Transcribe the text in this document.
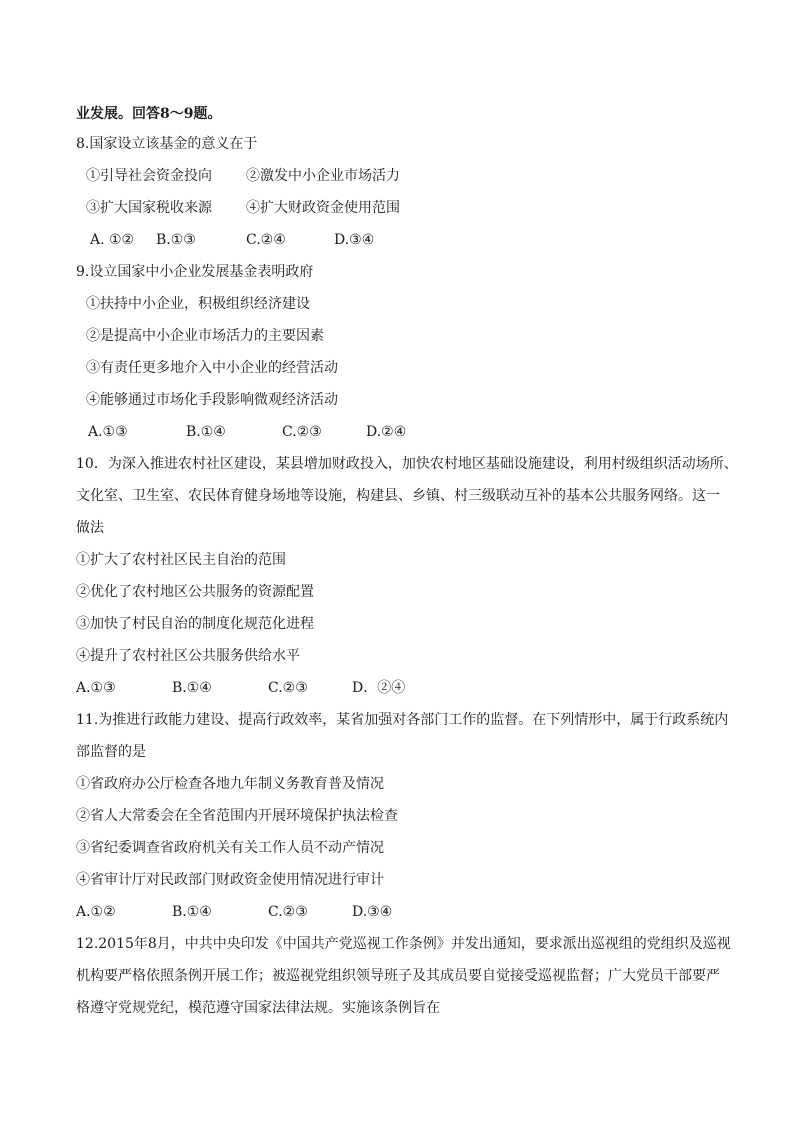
业发展。回答8～9题。
8.国家设立该基金的意义在于
①引导社会资金投向 ②激发中小企业市场活力
③扩大国家税收来源 ④扩大财政资金使用范围
A. ①② B.①③	C.②④	D.③④
9.设立国家中小企业发展基金表明政府
①扶持中小企业，积极组织经济建设
②是提高中小企业市场活力的主要因素
③有责任更多地介入中小企业的经营活动
④能够通过市场化手段影响微观经济活动
A.①③	B.①④	C.②③	D.②④
10．为深入推进农村社区建设，某县增加财政投入，加快农村地区基础设施建设，利用村级组织活动场所、
文化室、卫生室、农民体育健身场地等设施，构建县、乡镇、村三级联动互补的基本公共服务网络。这一
做法
①扩大了农村社区民主自治的范围
②优化了农村地区公共服务的资源配置
③加快了村民自治的制度化规范化进程
④提升了农村社区公共服务供给水平
A.①③	B.①④	C.②③	D．②④
11.为推进行政能力建设、提高行政效率，某省加强对各部门工作的监督。在下列情形中，属于行政系统内
部监督的是
①省政府办公厅检查各地九年制义务教育普及情况
②省人大常委会在全省范围内开展环境保护执法检查
③省纪委调查省政府机关有关工作人员不动产情况
④省审计厅对民政部门财政资金使用情况进行审计
A.①②	B.①④	C.②③	D.③④
12.2015年8月，中共中央印发《中国共产党巡视工作条例》并发出通知，要求派出巡视组的党组织及巡视
机构要严格依照条例开展工作；被巡视党组织领导班子及其成员要自觉接受巡视监督；广大党员干部要严
格遵守党规党纪，模范遵守国家法律法规。实施该条例旨在
